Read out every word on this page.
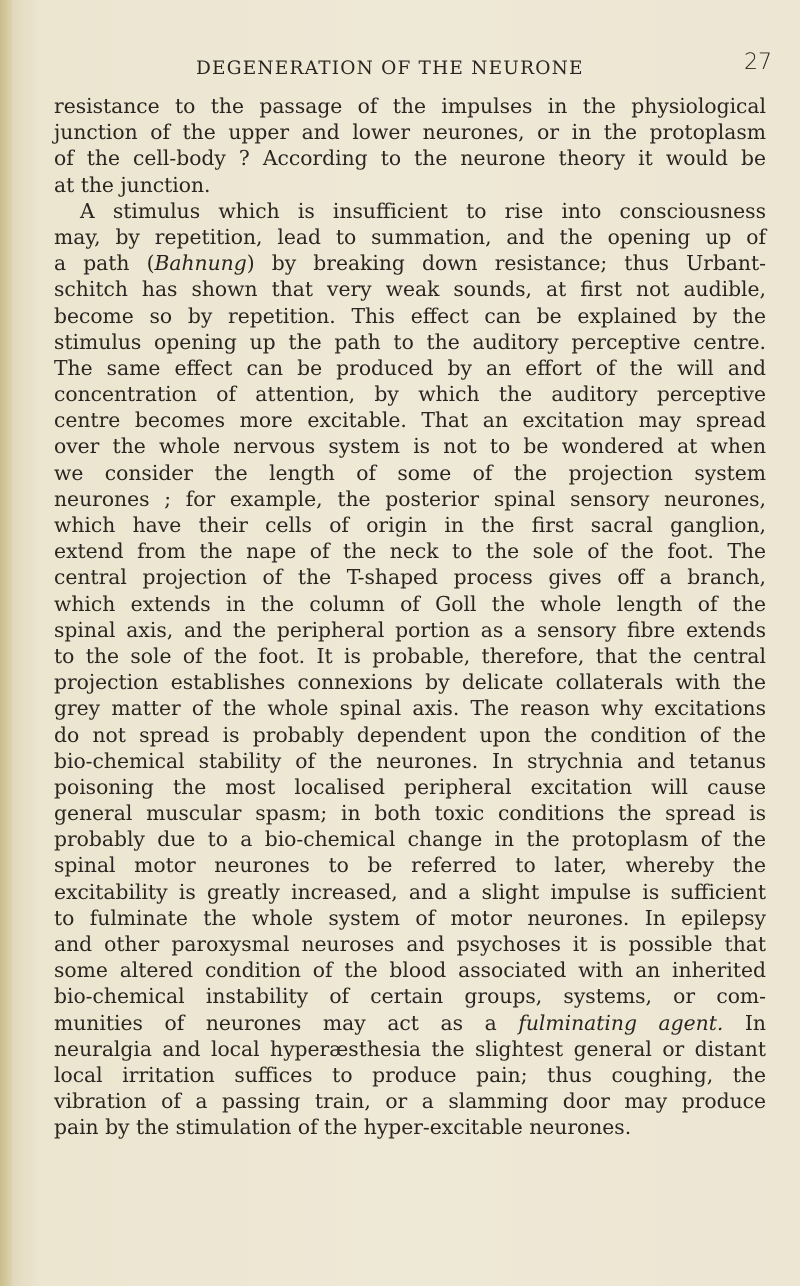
DEGENERATION OF THE NEURONE	27
resistance to the passage of the impulses in the physiological
junction of the upper and lower neurones, or in the protoplasm
of the cell-body ? According to the neurone theory it would be
at the junction.
A stimulus which is insufficient to rise into consciousness
may, by repetition, lead to summation, and the opening up of
a path (Bahnung) by breaking down resistance; thus Urbant-
schitch has shown that very weak sounds, at first not audible,
become so by repetition. This effect can be explained by the
stimulus opening up the path to the auditory perceptive centre.
The same effect can be produced by an effort of the will and
concentration of attention, by which the auditory perceptive
centre becomes more excitable. That an excitation may spread
over the whole nervous system is not to be wondered at when
we consider the length of some of the projection system
neurones ; for example, the posterior spinal sensory neurones,
which have their cells of origin in the first sacral ganglion,
extend from the nape of the neck to the sole of the foot. The
central projection of the T-shaped process gives off a branch,
which extends in the column of Goll the whole length of the
spinal axis, and the peripheral portion as a sensory fibre extends
to the sole of the foot. It is probable, therefore, that the central
projection establishes connexions by delicate collaterals with the
grey matter of the whole spinal axis. The reason why excitations
do not spread is probably dependent upon the condition of the
bio-chemical stability of the neurones. In strychnia and tetanus
poisoning the most localised peripheral excitation will cause
general muscular spasm; in both toxic conditions the spread is
probably due to a bio-chemical change in the protoplasm of the
spinal motor neurones to be referred to later, whereby the
excitability is greatly increased, and a slight impulse is sufficient
to fulminate the whole system of motor neurones. In epilepsy
and other paroxysmal neuroses and psychoses it is possible that
some altered condition of the blood associated with an inherited
bio-chemical instability of certain groups, systems, or com-
munities of neurones may act as a fulminating agent. In
neuralgia and local hyperæsthesia the slightest general or distant
local irritation suffices to produce pain; thus coughing, the
vibration of a passing train, or a slamming door may produce
pain by the stimulation of the hyper-excitable neurones.
